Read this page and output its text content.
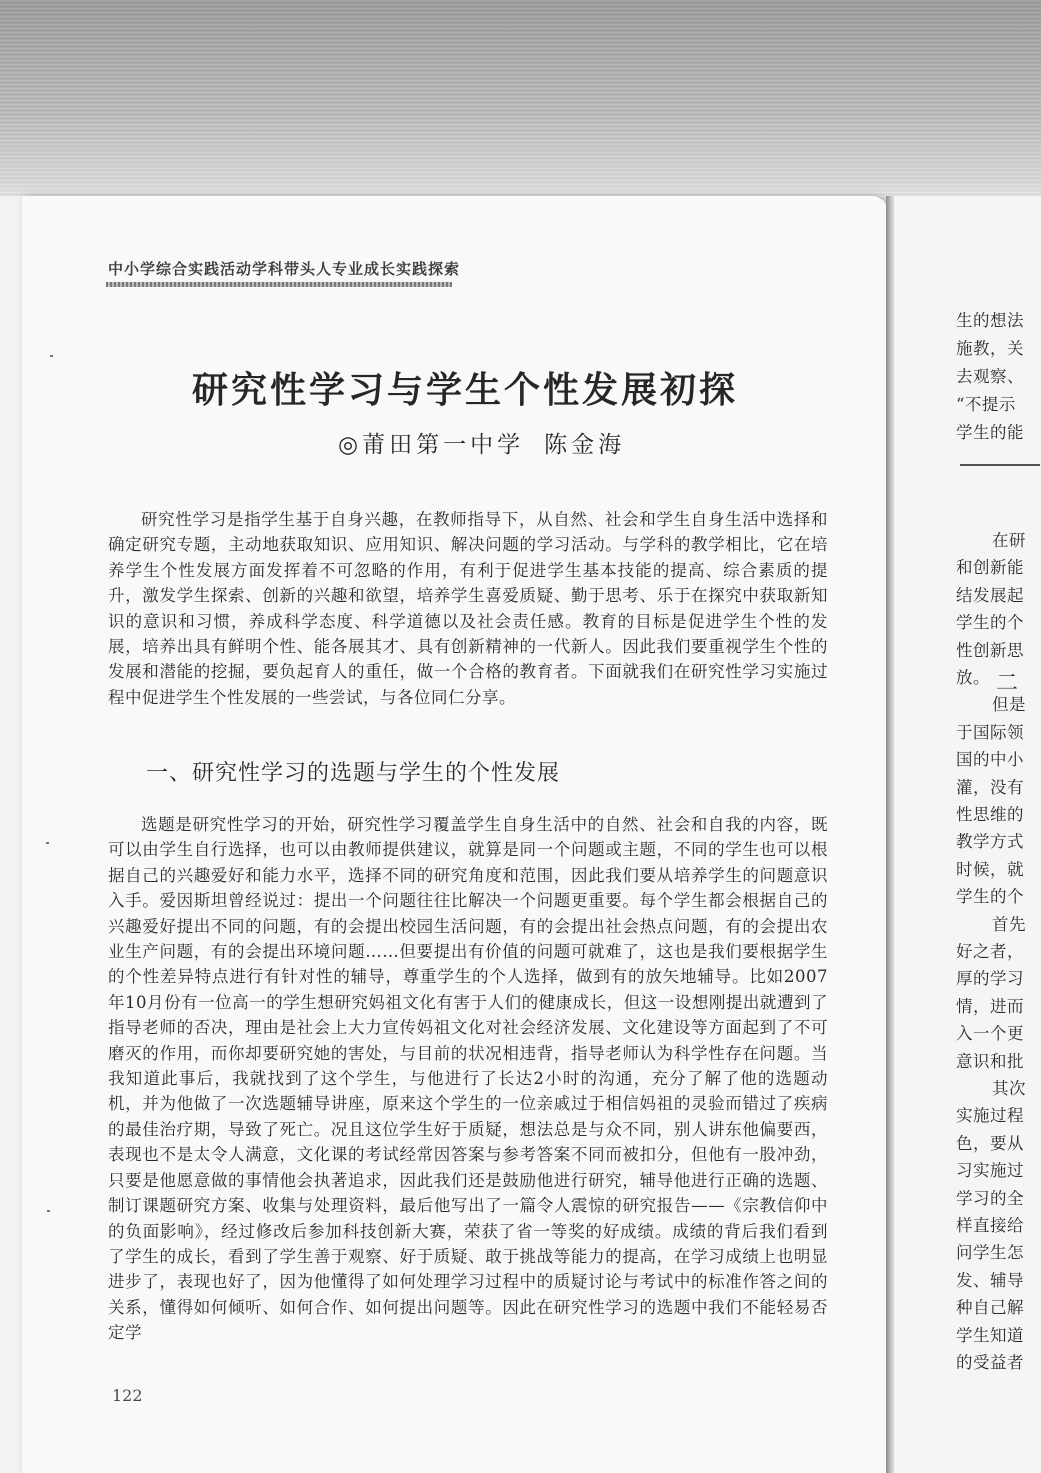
生的想法
施教，关
去观察、
“不提示
学生的能
二
在研
和创新能
结发展起
学生的个
性创新思
放。
但是
于国际领
国的中小
灌，没有
性思维的
教学方式
时候，就
学生的个
首先
好之者，
厚的学习
情，进而
入一个更
意识和批
其次
实施过程
色，要从
习实施过
学习的全
样直接给
问学生怎
发、辅导
种自己解
学生知道
的受益者
中小学综合实践活动学科带头人专业成长实践探索
研究性学习与学生个性发展初探
◎莆田第一中学 陈金海

研究性学习是指学生基于自身兴趣，在教师指导下，从自然、社会和学生自身生活中选择和确定研究专题，主动地获取知识、应用知识、解决问题的学习活动。与学科的教学相比，它在培养学生个性发展方面发挥着不可忽略的作用，有利于促进学生基本技能的提高、综合素质的提升，激发学生探索、创新的兴趣和欲望，培养学生喜爱质疑、勤于思考、乐于在探究中获取新知识的意识和习惯，养成科学态度、科学道德以及社会责任感。教育的目标是促进学生个性的发展，培养出具有鲜明个性、能各展其才、具有创新精神的一代新人。因此我们要重视学生个性的发展和潜能的挖掘，要负起育人的重任，做一个合格的教育者。下面就我们在研究性学习实施过程中促进学生个性发展的一些尝试，与各位同仁分享。

一、研究性学习的选题与学生的个性发展

选题是研究性学习的开始，研究性学习覆盖学生自身生活中的自然、社会和自我的内容，既可以由学生自行选择，也可以由教师提供建议，就算是同一个问题或主题，不同的学生也可以根据自己的兴趣爱好和能力水平，选择不同的研究角度和范围，因此我们要从培养学生的问题意识入手。爱因斯坦曾经说过：提出一个问题往往比解决一个问题更重要。每个学生都会根据自己的兴趣爱好提出不同的问题，有的会提出校园生活问题，有的会提出社会热点问题，有的会提出农业生产问题，有的会提出环境问题……但要提出有价值的问题可就难了，这也是我们要根据学生的个性差异特点进行有针对性的辅导，尊重学生的个人选择，做到有的放矢地辅导。比如2007年10月份有一位高一的学生想研究妈祖文化有害于人们的健康成长，但这一设想刚提出就遭到了指导老师的否决，理由是社会上大力宣传妈祖文化对社会经济发展、文化建设等方面起到了不可磨灭的作用，而你却要研究她的害处，与目前的状况相违背，指导老师认为科学性存在问题。当我知道此事后，我就找到了这个学生，与他进行了长达2小时的沟通，充分了解了他的选题动机，并为他做了一次选题辅导讲座，原来这个学生的一位亲戚过于相信妈祖的灵验而错过了疾病的最佳治疗期，导致了死亡。况且这位学生好于质疑，想法总是与众不同，别人讲东他偏要西，表现也不是太令人满意，文化课的考试经常因答案与参考答案不同而被扣分，但他有一股冲劲，只要是他愿意做的事情他会执著追求，因此我们还是鼓励他进行研究，辅导他进行正确的选题、制订课题研究方案、收集与处理资料，最后他写出了一篇令人震惊的研究报告——《宗教信仰中的负面影响》，经过修改后参加科技创新大赛，荣获了省一等奖的好成绩。成绩的背后我们看到了学生的成长，看到了学生善于观察、好于质疑、敢于挑战等能力的提高，在学习成绩上也明显进步了，表现也好了，因为他懂得了如何处理学习过程中的质疑讨论与考试中的标准作答之间的关系，懂得如何倾听、如何合作、如何提出问题等。因此在研究性学习的选题中我们不能轻易否定学

122
